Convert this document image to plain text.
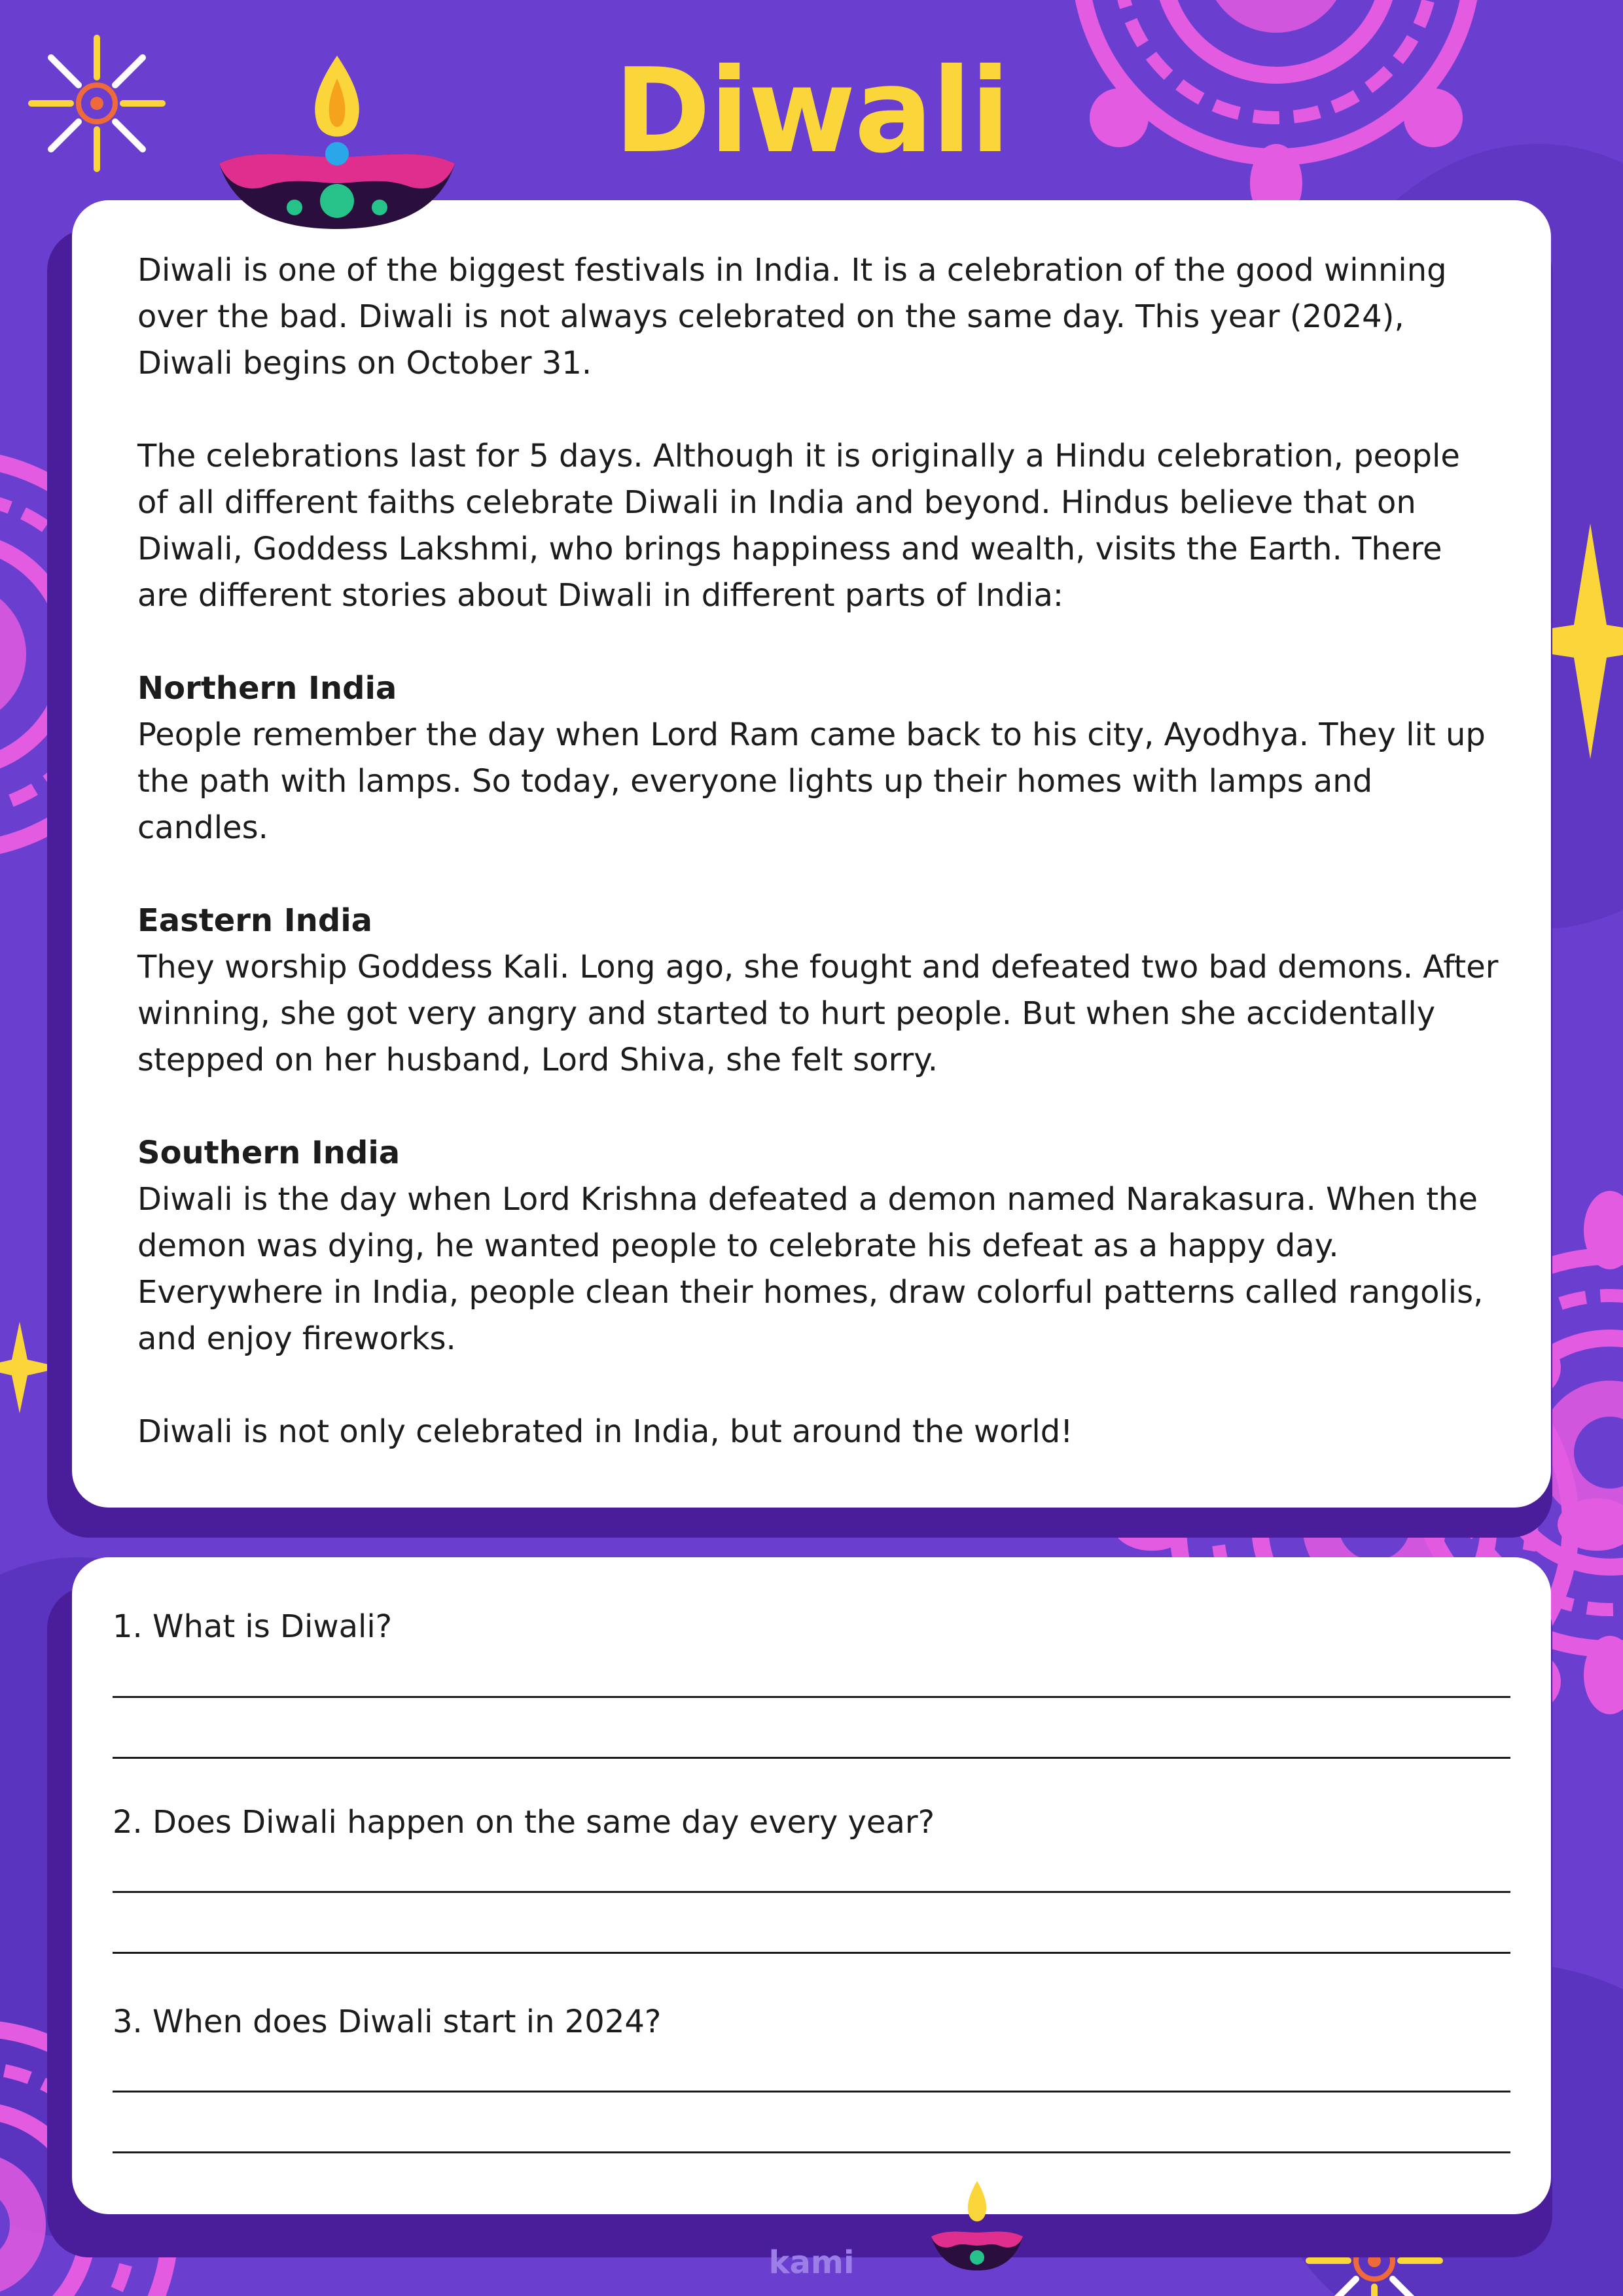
Diwali

Diwali is one of the biggest festivals in India. It is a celebration of the good winning over the bad. Diwali is not always celebrated on the same day. This year (2024), Diwali begins on October 31.

The celebrations last for 5 days. Although it is originally a Hindu celebration, people of all different faiths celebrate Diwali in India and beyond. Hindus believe that on Diwali, Goddess Lakshmi, who brings happiness and wealth, visits the Earth. There are different stories about Diwali in different parts of India:

Northern India
People remember the day when Lord Ram came back to his city, Ayodhya. They lit up the path with lamps. So today, everyone lights up their homes with lamps and candles.

Eastern India
They worship Goddess Kali. Long ago, she fought and defeated two bad demons. After winning, she got very angry and started to hurt people. But when she accidentally stepped on her husband, Lord Shiva, she felt sorry.

Southern India
Diwali is the day when Lord Krishna defeated a demon named Narakasura. When the demon was dying, he wanted people to celebrate his defeat as a happy day. Everywhere in India, people clean their homes, draw colorful patterns called rangolis, and enjoy fireworks.

Diwali is not only celebrated in India, but around the world!

1. What is Diwali?
2. Does Diwali happen on the same day every year?
3. When does Diwali start in 2024?
kami
